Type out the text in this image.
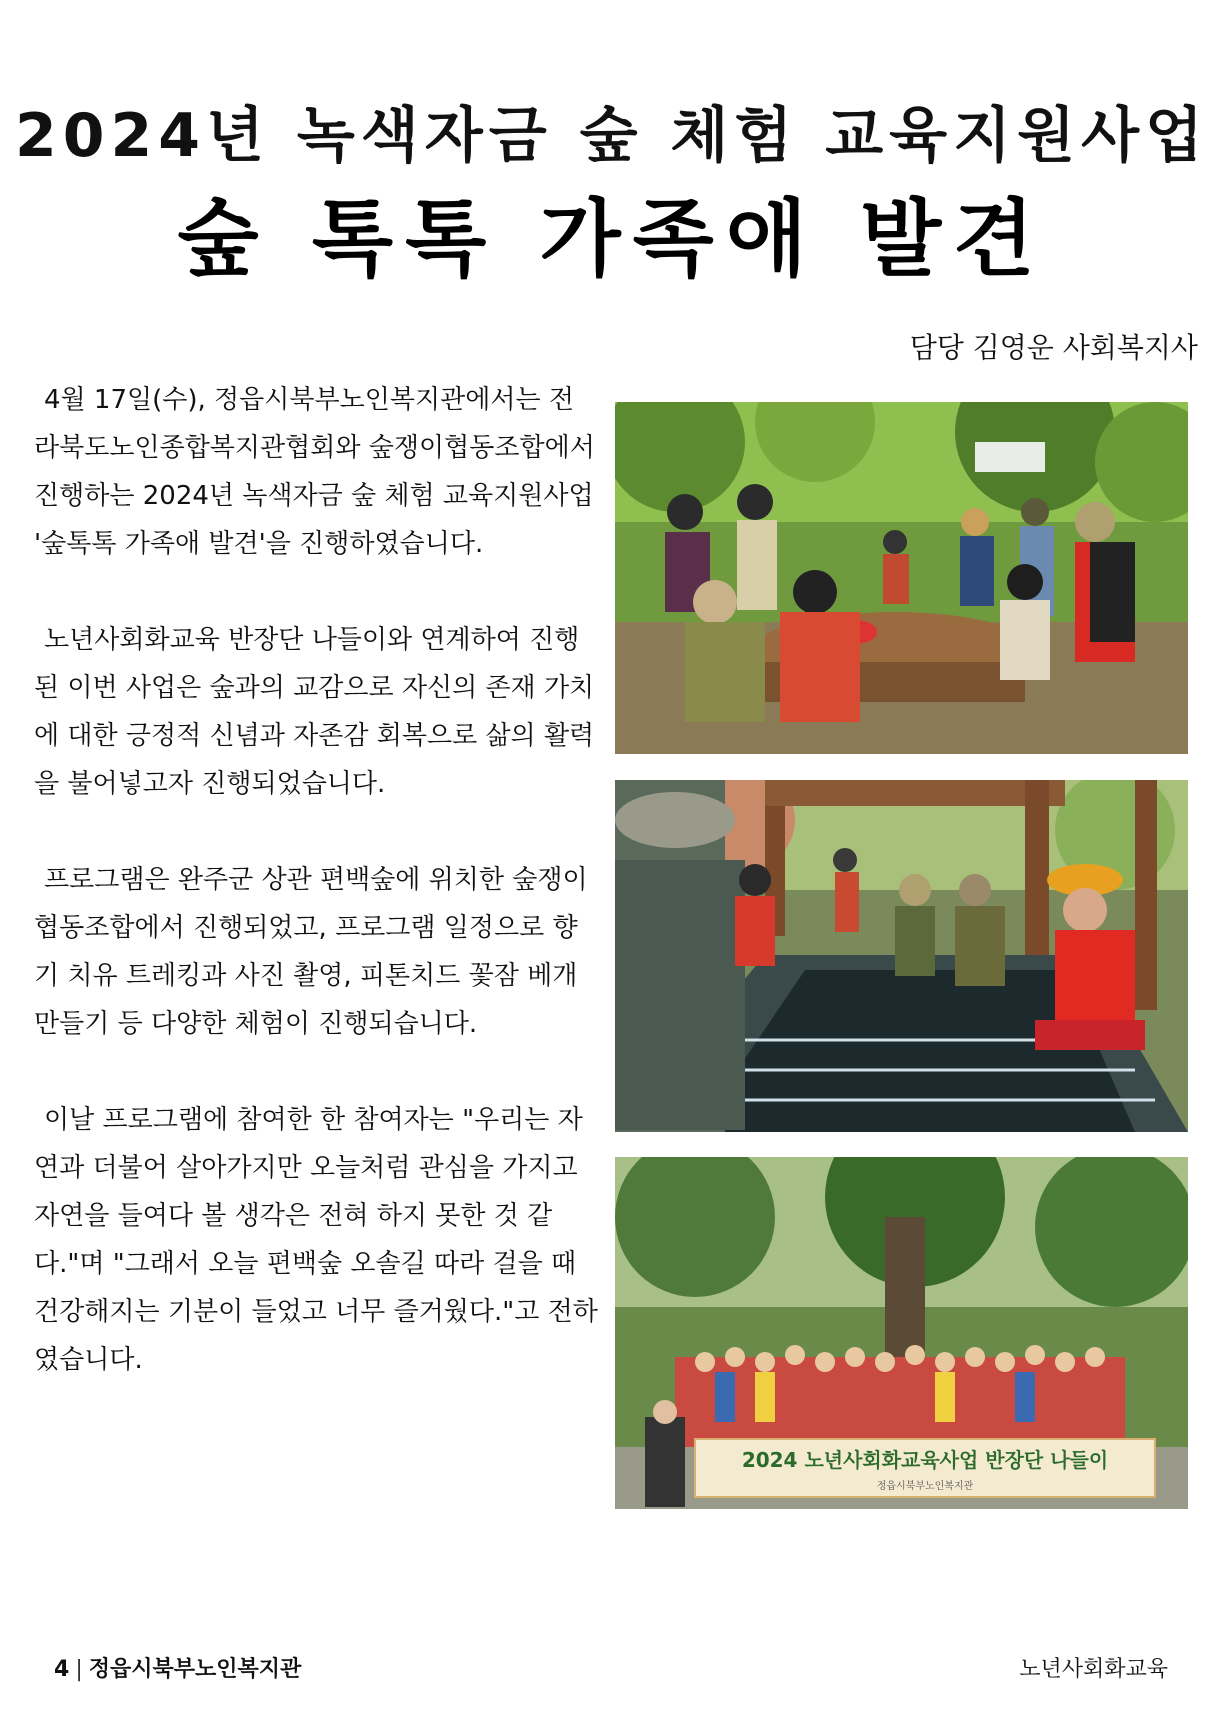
2024년 녹색자금 숲 체험 교육지원사업
숲 톡톡 가족애 발견
담당 김영운 사회복지사

4월 17일(수), 정읍시북부노인복지관에서는 전라북도노인종합복지관협회와 숲쟁이협동조합에서 진행하는 2024년 녹색자금 숲 체험 교육지원사업 '숲톡톡 가족애 발견'을 진행하였습니다.

노년사회화교육 반장단 나들이와 연계하여 진행된 이번 사업은 숲과의 교감으로 자신의 존재 가치에 대한 긍정적 신념과 자존감 회복으로 삶의 활력을 불어넣고자 진행되었습니다.

프로그램은 완주군 상관 편백숲에 위치한 숲쟁이 협동조합에서 진행되었고, 프로그램 일정으로 향기 치유 트레킹과 사진 촬영, 피톤치드 꽃잠 베개 만들기 등 다양한 체험이 진행되습니다.

이날 프로그램에 참여한 한 참여자는 "우리는 자연과 더불어 살아가지만 오늘처럼 관심을 가지고 자연을 들여다 볼 생각은 전혀 하지 못한 것 같다."며 "그래서 오늘 편백숲 오솔길 따라 걸을 때 건강해지는 기분이 들었고 너무 즐거웠다."고 전하였습니다.

2024 노년사회화교육사업 반장단 나들이
정읍시북부노인복지관
4 | 정읍시북부노인복지관	노년사회화교육
